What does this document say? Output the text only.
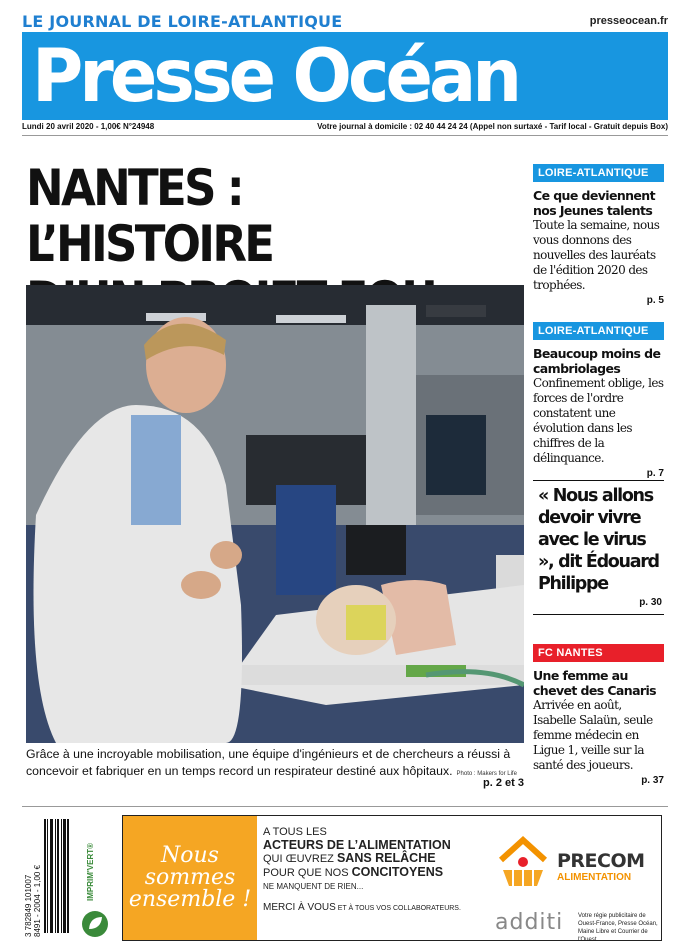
LE JOURNAL DE LOIRE-ATLANTIQUE	presseocean.fr
Presse Océan
Lundi 20 avril 2020 - 1,00€ N°24948	Votre journal à domicile : 02 40 44 24 24 (Appel non surtaxé - Tarif local - Gratuit depuis Box)
NANTES : L’HISTOIRE
Grâce à une incroyable mobilisation, une équipe d'ingénieurs et de chercheurs a réussi à
concevoir et fabriquer en un temps record un respirateur destiné aux hôpitaux. Photo : Makers for Life
p. 2 et 3
LOIRE-ATLANTIQUE
Ce que deviennent nos Jeunes talents
Toute la semaine, nous vous donnons des nouvelles des lauréats de l'édition 2020 des trophées.
p. 5
LOIRE-ATLANTIQUE
Beaucoup moins de cambriolages
Confinement oblige, les forces de l'ordre constatent une évolution dans les chiffres de la délinquance.
p. 7
« Nous allons devoir vivre avec le virus », dit Édouard Philippe
p. 30
FC NANTES
Une femme au chevet des Canaris
Arrivée en août, Isabelle Salaün, seule femme médecin en Ligue 1, veille sur la santé des joueurs.
p. 37
3 782849 101007 8491 - 2004 - 1,00 €	IMPRIM'VERT®	Nous
sommes
ensemble !
A TOUS LES
ACTEURS DE L’ALIMENTATION
QUI ŒUVREZ SANS RELÂCHE
POUR QUE NOS CONCITOYENS
NE MANQUENT DE RIEN...
MERCI À VOUS ET À TOUS VOS COLLABORATEURS.
PRECOM
ALIMENTATION
additi Votre régie publicitaire de Ouest-France, Presse Océan, Maine Libre et Courrier de l'Ouest.
